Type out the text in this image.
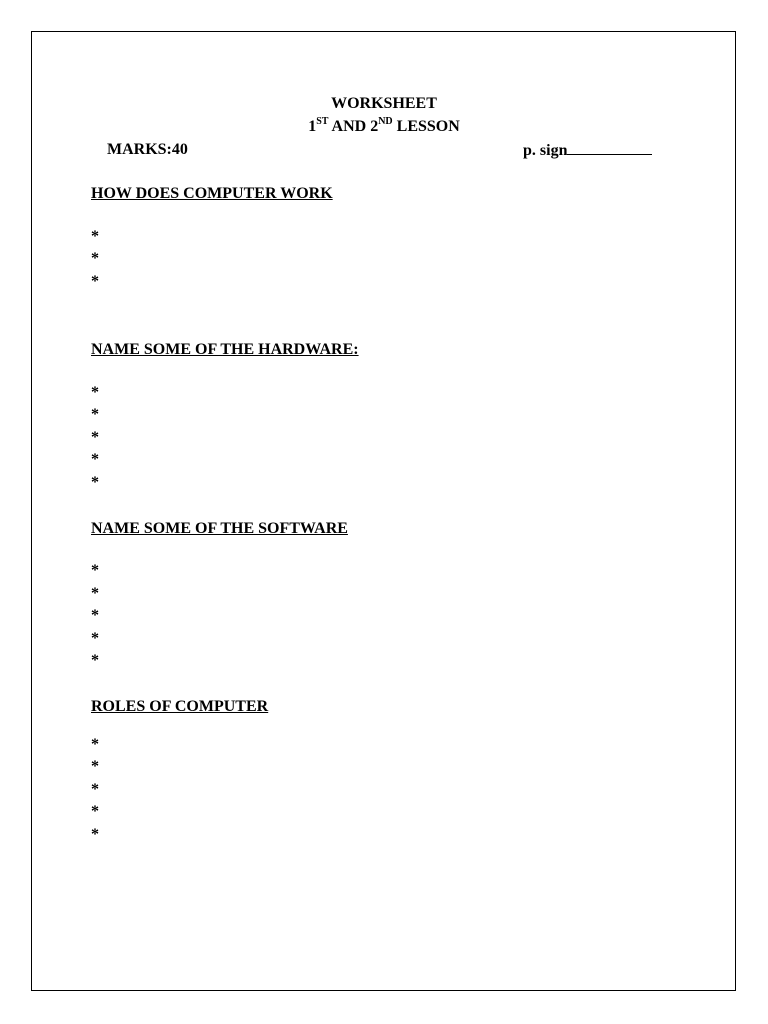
WORKSHEET
1ST AND 2ND LESSON
MARKS:40	p. sign
HOW DOES COMPUTER WORK
*
*
*
NAME SOME OF THE HARDWARE:
*
*
*
*
*
NAME SOME OF THE SOFTWARE
*
*
*
*
*
ROLES OF COMPUTER
*
*
*
*
*
